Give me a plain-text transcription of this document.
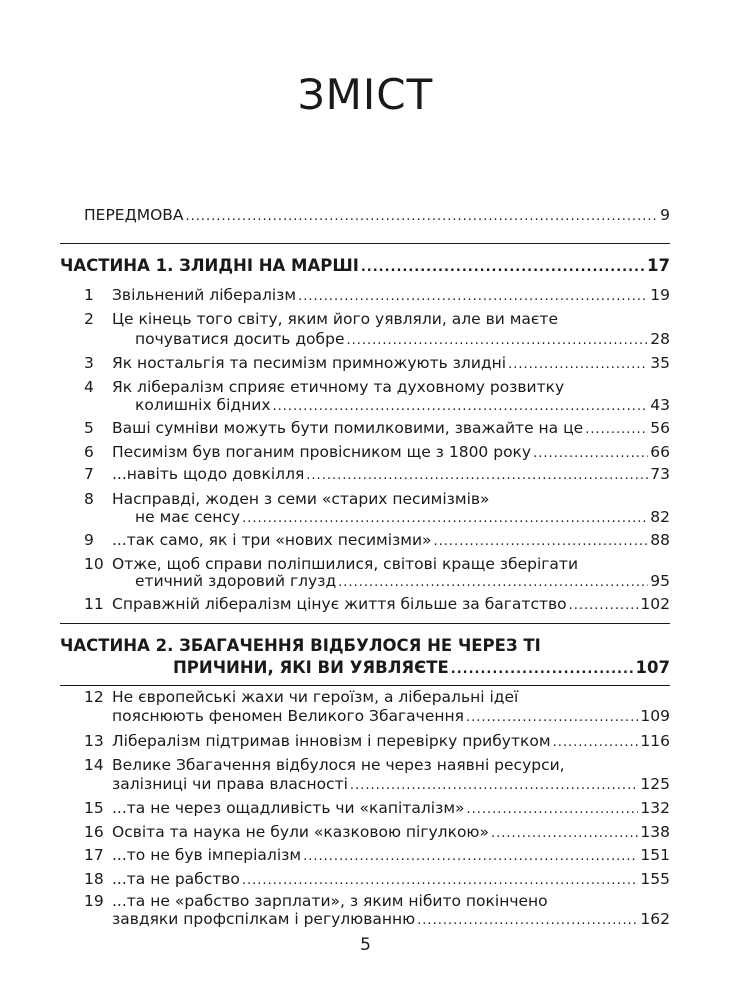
ЗМІСТ
ПЕРЕДМОВА .....	9
ЧАСТИНА 1. ЗЛИДНІ НА МАРШІ .....	17
1 Звільнений лібералізм .....	19
2 Це кінець того світу, яким його уявляли, але ви маєте
почуватися досить добре .....	28
3 Як ностальгія та песимізм примножують злидні .....	35
4 Як лібералізм сприяє етичному та духовному розвитку
колишніх бідних .....	43
5 Ваші сумніви можуть бути помилковими, зважайте на це .....	56
6 Песимізм був поганим провісником ще з 1800 року .....	66
7 ...навіть щодо довкілля .....	73
8 Насправді, жоден з семи «старих песимізмів»
не має сенсу .....	82
9 ...так само, як і три «нових песимізми» .....	88
10 Отже, щоб справи поліпшилися, світові краще зберігати
етичний здоровий глузд .....	95
11 Справжній лібералізм цінує життя більше за багатство .....	102
ЧАСТИНА 2. ЗБАГАЧЕННЯ ВІДБУЛОСЯ НЕ ЧЕРЕЗ ТІ
ПРИЧИНИ, ЯКІ ВИ УЯВЛЯЄТЕ .....	107
12 Не європейські жахи чи героїзм, а ліберальні ідеї
пояснюють феномен Великого Збагачення .....	109
13 Лібералізм підтримав інновізм і перевірку прибутком .....	116
14 Велике Збагачення відбулося не через наявні ресурси,
залізниці чи права власності .....	125
15 ...та не через ощадливість чи «капіталізм» .....	132
16 Освіта та наука не були «казковою пігулкою» .....	138
17 ...то не був імперіалізм .....	151
18 ...та не рабство .....	155
19 ...та не «рабство зарплати», з яким нібито покінчено
завдяки профспілкам і регулюванню .....	162
5
